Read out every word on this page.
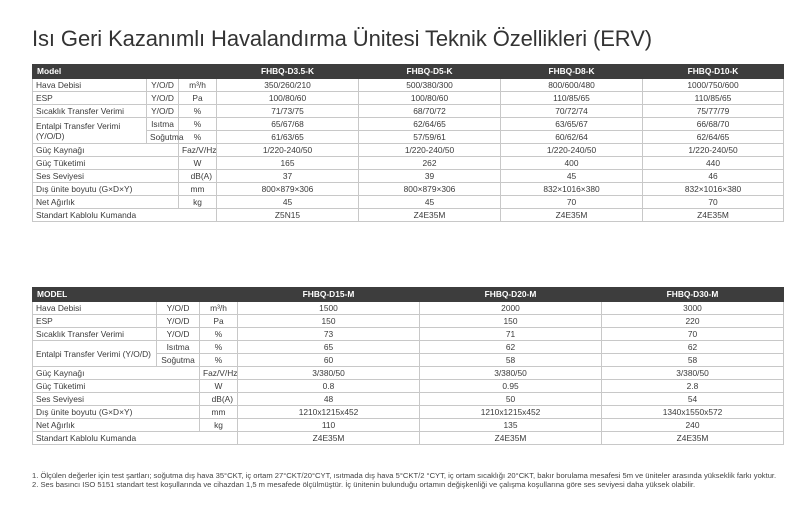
Isı Geri Kazanımlı Havalandırma Ünitesi Teknik Özellikleri (ERV)
Model			FHBQ-D3.5-K	FHBQ-D5-K	FHBQ-D8-K	FHBQ-D10-K
Hava Debisi	Y/O/D	m³/h	350/260/210	500/380/300	800/600/480	1000/750/600
ESP	Y/O/D	Pa	100/80/60	100/80/60	110/85/65	110/85/65
Sıcaklık Transfer Verimi	Y/O/D	%	71/73/75	68/70/72	70/72/74	75/77/79
Entalpi Transfer Verimi (Y/O/D)	Isıtma	%	65/67/68	62/64/65	63/65/67	66/68/70
	Soğutma	%	61/63/65	57/59/61	60/62/64	62/64/65
Güç Kaynağı		Faz/V/Hz	1/220-240/50	1/220-240/50	1/220-240/50	1/220-240/50
Güç Tüketimi		W	165	262	400	440
Ses Seviyesi		dB(A)	37	39	45	46
Dış ünite boyutu (G×D×Y)		mm	800×879×306	800×879×306	832×1016×380	832×1016×380
Net Ağırlık		kg	45	45	70	70
Standart Kablolu Kumanda			Z5N15	Z4E35M	Z4E35M	Z4E35M
MODEL			FHBQ-D15-M	FHBQ-D20-M	FHBQ-D30-M
Hava Debisi	Y/O/D	m³/h	1500	2000	3000
ESP	Y/O/D	Pa	150	150	220
Sıcaklık Transfer Verimi	Y/O/D	%	73	71	70
Entalpi Transfer Verimi (Y/O/D)	Isıtma	%	65	62	62
	Soğutma	%	60	58	58
Güç Kaynağı		Faz/V/Hz	3/380/50	3/380/50	3/380/50
Güç Tüketimi		W	0.8	0.95	2.8
Ses Seviyesi		dB(A)	48	50	54
Dış ünite boyutu (G×D×Y)		mm	1210x1215x452	1210x1215x452	1340x1550x572
Net Ağırlık		kg	110	135	240
Standart Kablolu Kumanda			Z4E35M	Z4E35M	Z4E35M

1. Ölçülen değerler için test şartları; soğutma dış hava 35°CKT, iç ortam 27°CKT/20°CYT, ısıtmada dış hava 5°CKT/2 °CYT, iç ortam sıcaklığı 20°CKT, bakır borulama mesafesi 5m ve üniteler arasında yükseklik farkı yoktur.

2. Ses basıncı ISO 5151 standart test koşullarında ve cihazdan 1,5 m mesafede ölçülmüştür. İç ünitenin bulunduğu ortamın değişkenliği ve çalışma koşullarına göre ses seviyesi daha yüksek olabilir.
